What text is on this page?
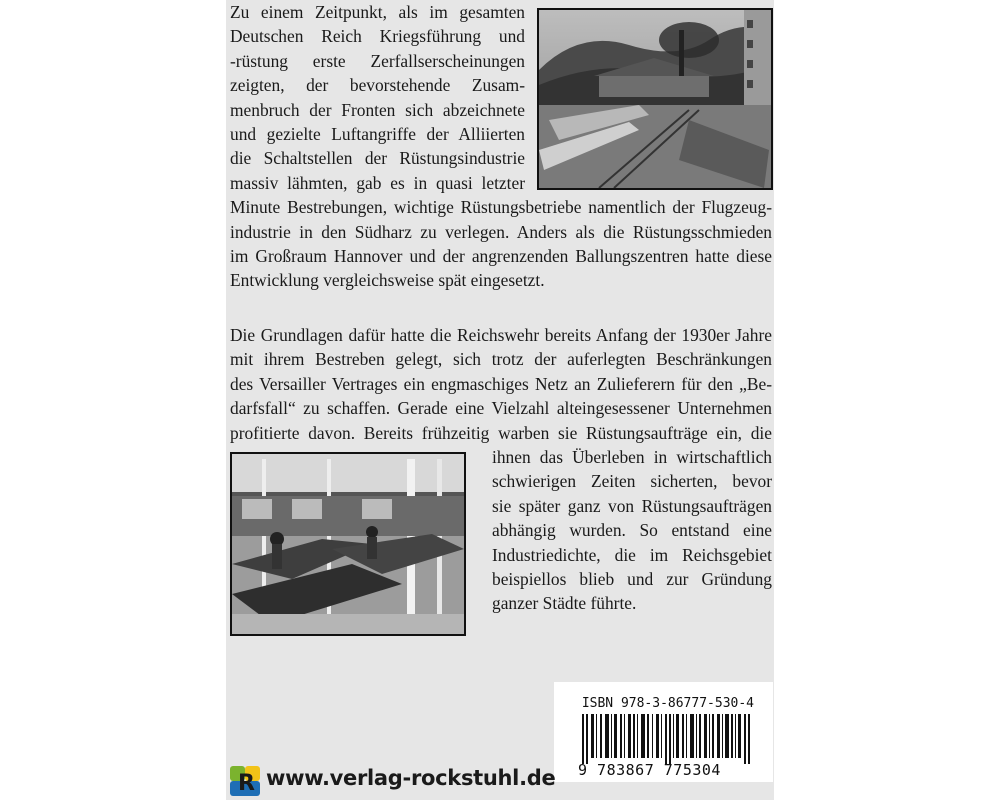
Zu einem Zeitpunkt, als im gesamten

Deutschen Reich Kriegsführung und

-rüstung erste Zerfallserscheinungen

zeigten, der bevorstehende Zusam-

menbruch der Fronten sich abzeichnete

und gezielte Luftangriffe der Alliierten

die Schaltstellen der Rüstungsindustrie

massiv lähmten, gab es in quasi letzter

Minute Bestrebungen, wichtige Rüstungsbetriebe namentlich der Flugzeug-

industrie in den Südharz zu verlegen. Anders als die Rüstungsschmieden

im Großraum Hannover und der angrenzenden Ballungszentren hatte diese

Entwicklung vergleichsweise spät eingesetzt.

Die Grundlagen dafür hatte die Reichswehr bereits Anfang der 1930er Jahre

mit ihrem Bestreben gelegt, sich trotz der auferlegten Beschränkungen

des Versailler Vertrages ein engmaschiges Netz an Zulieferern für den „Be-

darfsfall“ zu schaffen. Gerade eine Vielzahl alteingesessener Unternehmen

profitierte davon. Bereits frühzeitig warben sie Rüstungsaufträge ein, die

ihnen das Überleben in wirtschaftlich

schwierigen Zeiten sicherten, bevor

sie später ganz von Rüstungsaufträgen

abhängig wurden. So entstand eine

Industriedichte, die im Reichsgebiet

beispiellos blieb und zur Gründung

ganzer Städte führte.

ISBN 978-3-86777-530-4
9 783867 775304
R www.verlag-rockstuhl.de
